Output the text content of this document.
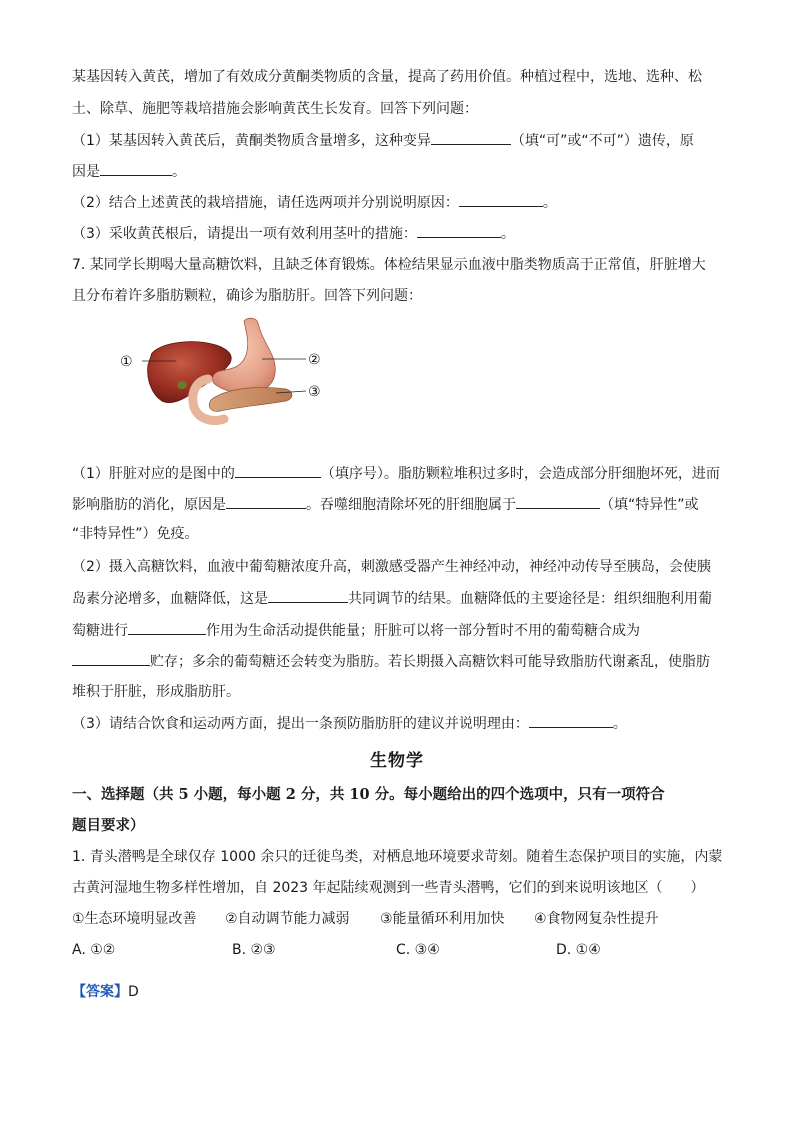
某基因转入黄芪，增加了有效成分黄酮类物质的含量，提高了药用价值。种植过程中，选地、选种、松
土、除草、施肥等栽培措施会影响黄芪生长发育。回答下列问题：
（1）某基因转入黄芪后，黄酮类物质含量增多，这种变异	（填“可”或“不可”）遗传，原
因是	。
（2）结合上述黄芪的栽培措施，请任选两项并分别说明原因：	。
（3）采收黄芪根后，请提出一项有效利用茎叶的措施：	。
7. 某同学长期喝大量高糖饮料，且缺乏体育锻炼。体检结果显示血液中脂类物质高于正常值，肝脏增大
且分布着许多脂肪颗粒，确诊为脂肪肝。回答下列问题：
①	②
③
（1）肝脏对应的是图中的	（填序号）。脂肪颗粒堆积过多时，会造成部分肝细胞坏死，进而
影响脂肪的消化，原因是	。吞噬细胞清除坏死的肝细胞属于	（填“特异性”或
“非特异性”）免疫。
（2）摄入高糖饮料，血液中葡萄糖浓度升高，刺激感受器产生神经冲动，神经冲动传导至胰岛，会使胰
岛素分泌增多，血糖降低，这是	共同调节的结果。血糖降低的主要途径是：组织细胞利用葡
萄糖进行	作用为生命活动提供能量；肝脏可以将一部分暂时不用的葡萄糖合成为
贮存；多余的葡萄糖还会转变为脂肪。若长期摄入高糖饮料可能导致脂肪代谢紊乱，使脂肪
堆积于肝脏，形成脂肪肝。
（3）请结合饮食和运动两方面，提出一条预防脂肪肝的建议并说明理由：	。
生物学
一、选择题（共 5 小题，每小题 2 分，共 10 分。每小题给出的四个选项中，只有一项符合
题目要求）
1. 青头潜鸭是全球仅存 1000 余只的迁徙鸟类，对栖息地环境要求苛刻。随着生态保护项目的实施，内蒙
古黄河湿地生物多样性增加，自 2023 年起陆续观测到一些青头潜鸭，它们的到来说明该地区（　　）
①生态环境明显改善 ②自动调节能力减弱 ③能量循环利用加快 ④食物网复杂性提升
A. ①②	B. ②③	C. ③④	D. ①④
【答案】D
